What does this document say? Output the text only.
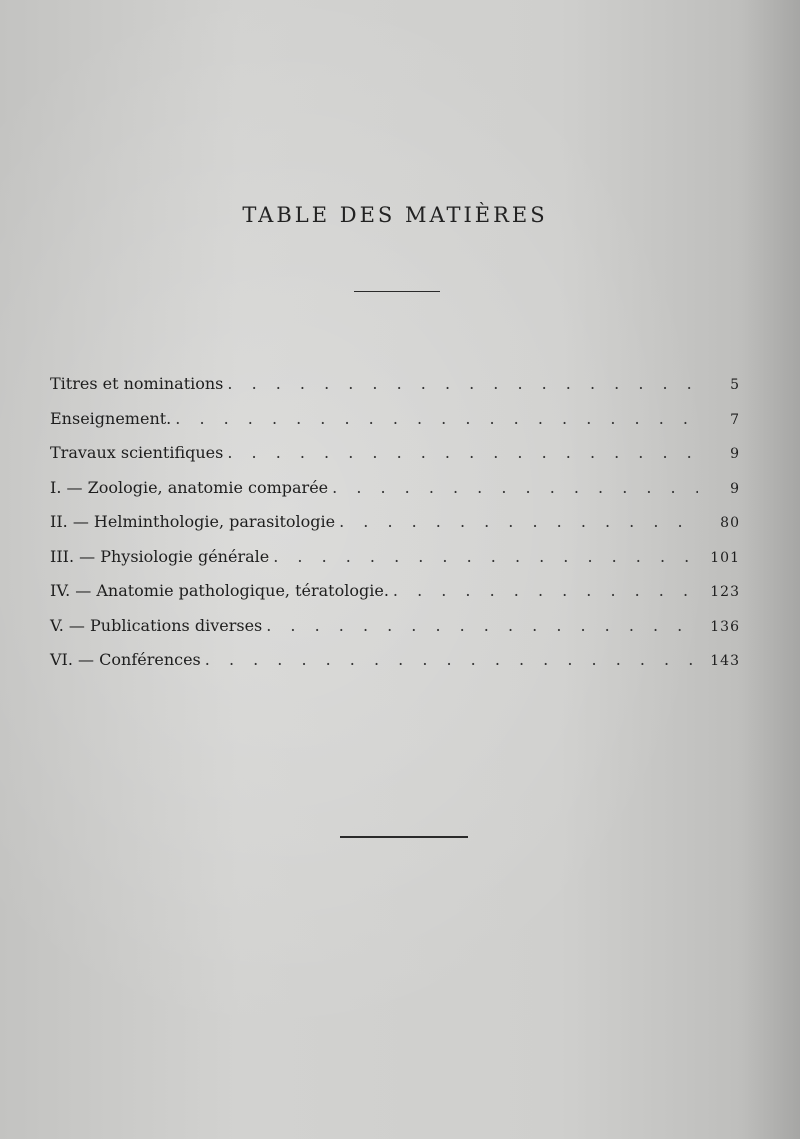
TABLE DES MATIÈRES
Titres et nominations . . .	5
Enseignement. . . .	7
Travaux scientifiques . . .	9
I. — Zoologie, anatomie comparée . . .	9
II. — Helminthologie, parasitologie . . .	80
III. — Physiologie générale . . .	101
IV. — Anatomie pathologique, tératologie. . . .	123
V. — Publications diverses . . .	136
VI. — Conférences . . .	143
